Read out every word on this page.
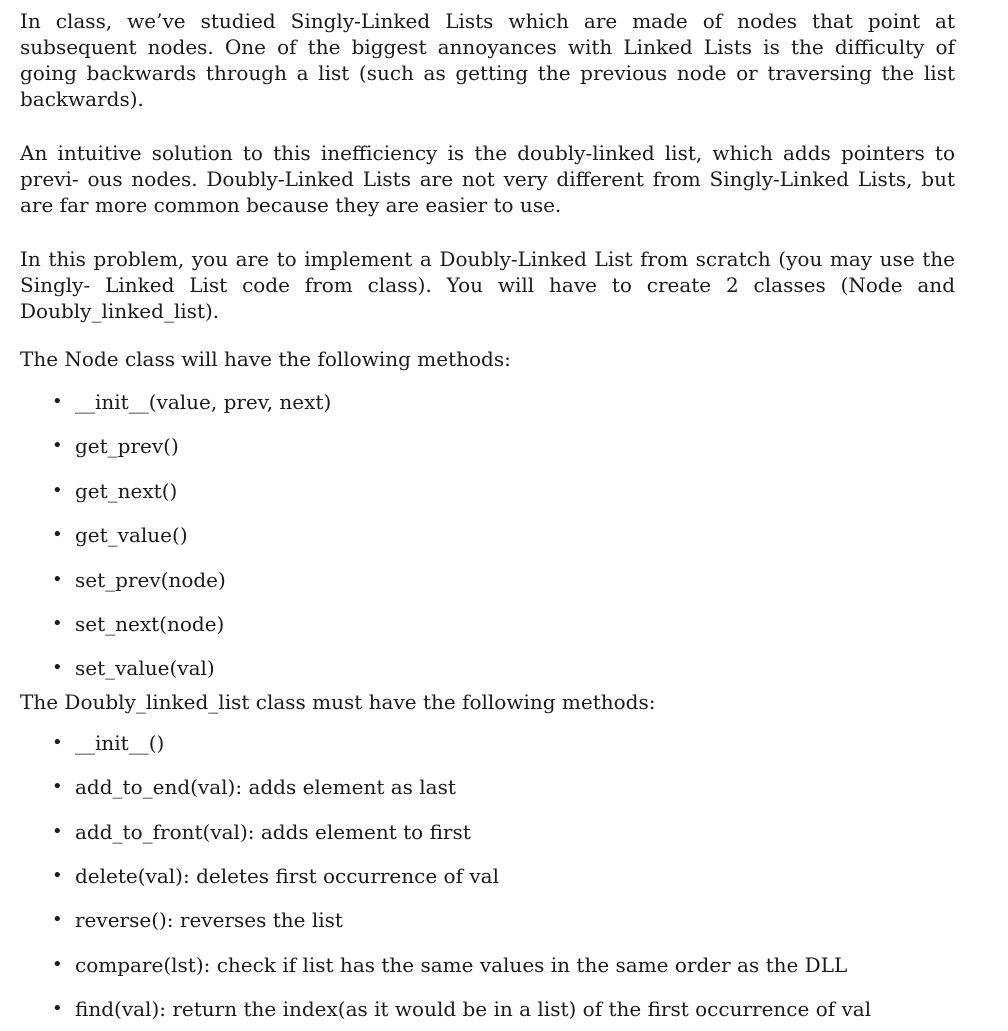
In class, we’ve studied Singly-Linked Lists which are made of nodes that point at subsequent nodes. One of the biggest annoyances with Linked Lists is the difficulty of going backwards through a list (such as getting the previous node or traversing the list backwards).

An intuitive solution to this inefficiency is the doubly-linked list, which adds pointers to previ- ous nodes. Doubly-Linked Lists are not very different from Singly-Linked Lists, but are far more common because they are easier to use.

In this problem, you are to implement a Doubly-Linked List from scratch (you may use the Singly- Linked List code from class). You will have to create 2 classes (Node and Doubly_linked_list).

The Node class will have the following methods:

• __init__(value, prev, next)
• get_prev()
• get_next()
• get_value()
• set_prev(node)
• set_next(node)
• set_value(val)

The Doubly_linked_list class must have the following methods:

• __init__()
• add_to_end(val): adds element as last
• add_to_front(val): adds element to first
• delete(val): deletes first occurrence of val
• reverse(): reverses the list
• compare(lst): check if list has the same values in the same order as the DLL
• find(val): return the index(as it would be in a list) of the first occurrence of val
